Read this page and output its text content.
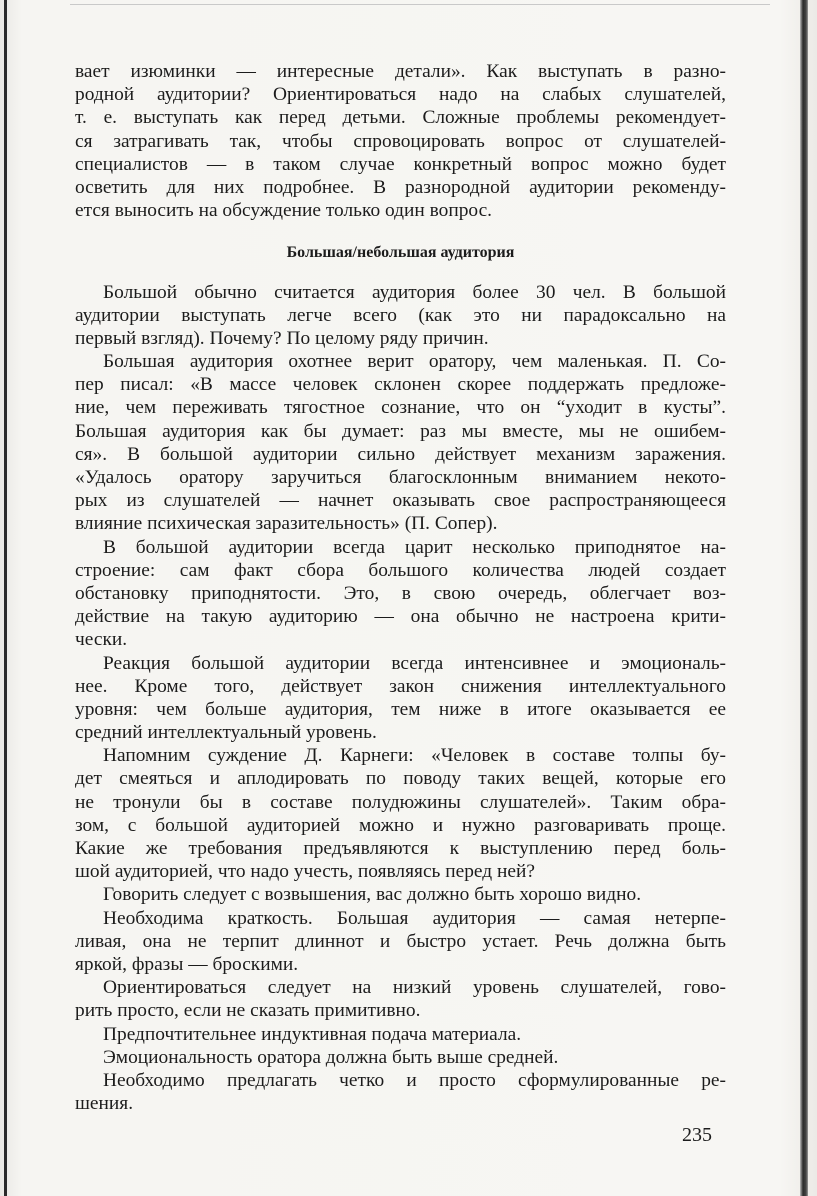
вает изюминки — интересные детали». Как выступать в разно-
родной аудитории? Ориентироваться надо на слабых слушателей,
т. е. выступать как перед детьми. Сложные проблемы рекомендует-
ся затрагивать так, чтобы спровоцировать вопрос от слушателей-
специалистов — в таком случае конкретный вопрос можно будет
осветить для них подробнее. В разнородной аудитории рекоменду-
ется выносить на обсуждение только один вопрос.
Большая/небольшая аудитория
Большой обычно считается аудитория более 30 чел. В большой
аудитории выступать легче всего (как это ни парадоксально на
первый взгляд). Почему? По целому ряду причин.
Большая аудитория охотнее верит оратору, чем маленькая. П. Со-
пер писал: «В массе человек склонен скорее поддержать предложе-
ние, чем переживать тягостное сознание, что он “уходит в кусты”.
Большая аудитория как бы думает: раз мы вместе, мы не ошибем-
ся». В большой аудитории сильно действует механизм заражения.
«Удалось оратору заручиться благосклонным вниманием некото-
рых из слушателей — начнет оказывать свое распространяющееся
влияние психическая заразительность» (П. Сопер).
В большой аудитории всегда царит несколько приподнятое на-
строение: сам факт сбора большого количества людей создает
обстановку приподнятости. Это, в свою очередь, облегчает воз-
действие на такую аудиторию — она обычно не настроена крити-
чески.
Реакция большой аудитории всегда интенсивнее и эмоциональ-
нее. Кроме того, действует закон снижения интеллектуального
уровня: чем больше аудитория, тем ниже в итоге оказывается ее
средний интеллектуальный уровень.
Напомним суждение Д. Карнеги: «Человек в составе толпы бу-
дет смеяться и аплодировать по поводу таких вещей, которые его
не тронули бы в составе полудюжины слушателей». Таким обра-
зом, с большой аудиторией можно и нужно разговаривать проще.
Какие же требования предъявляются к выступлению перед боль-
шой аудиторией, что надо учесть, появляясь перед ней?
Говорить следует с возвышения, вас должно быть хорошо видно.
Необходима краткость. Большая аудитория — самая нетерпе-
ливая, она не терпит длиннот и быстро устает. Речь должна быть
яркой, фразы — броскими.
Ориентироваться следует на низкий уровень слушателей, гово-
рить просто, если не сказать примитивно.
Предпочтительнее индуктивная подача материала.
Эмоциональность оратора должна быть выше средней.
Необходимо предлагать четко и просто сформулированные ре-
шения.
235
